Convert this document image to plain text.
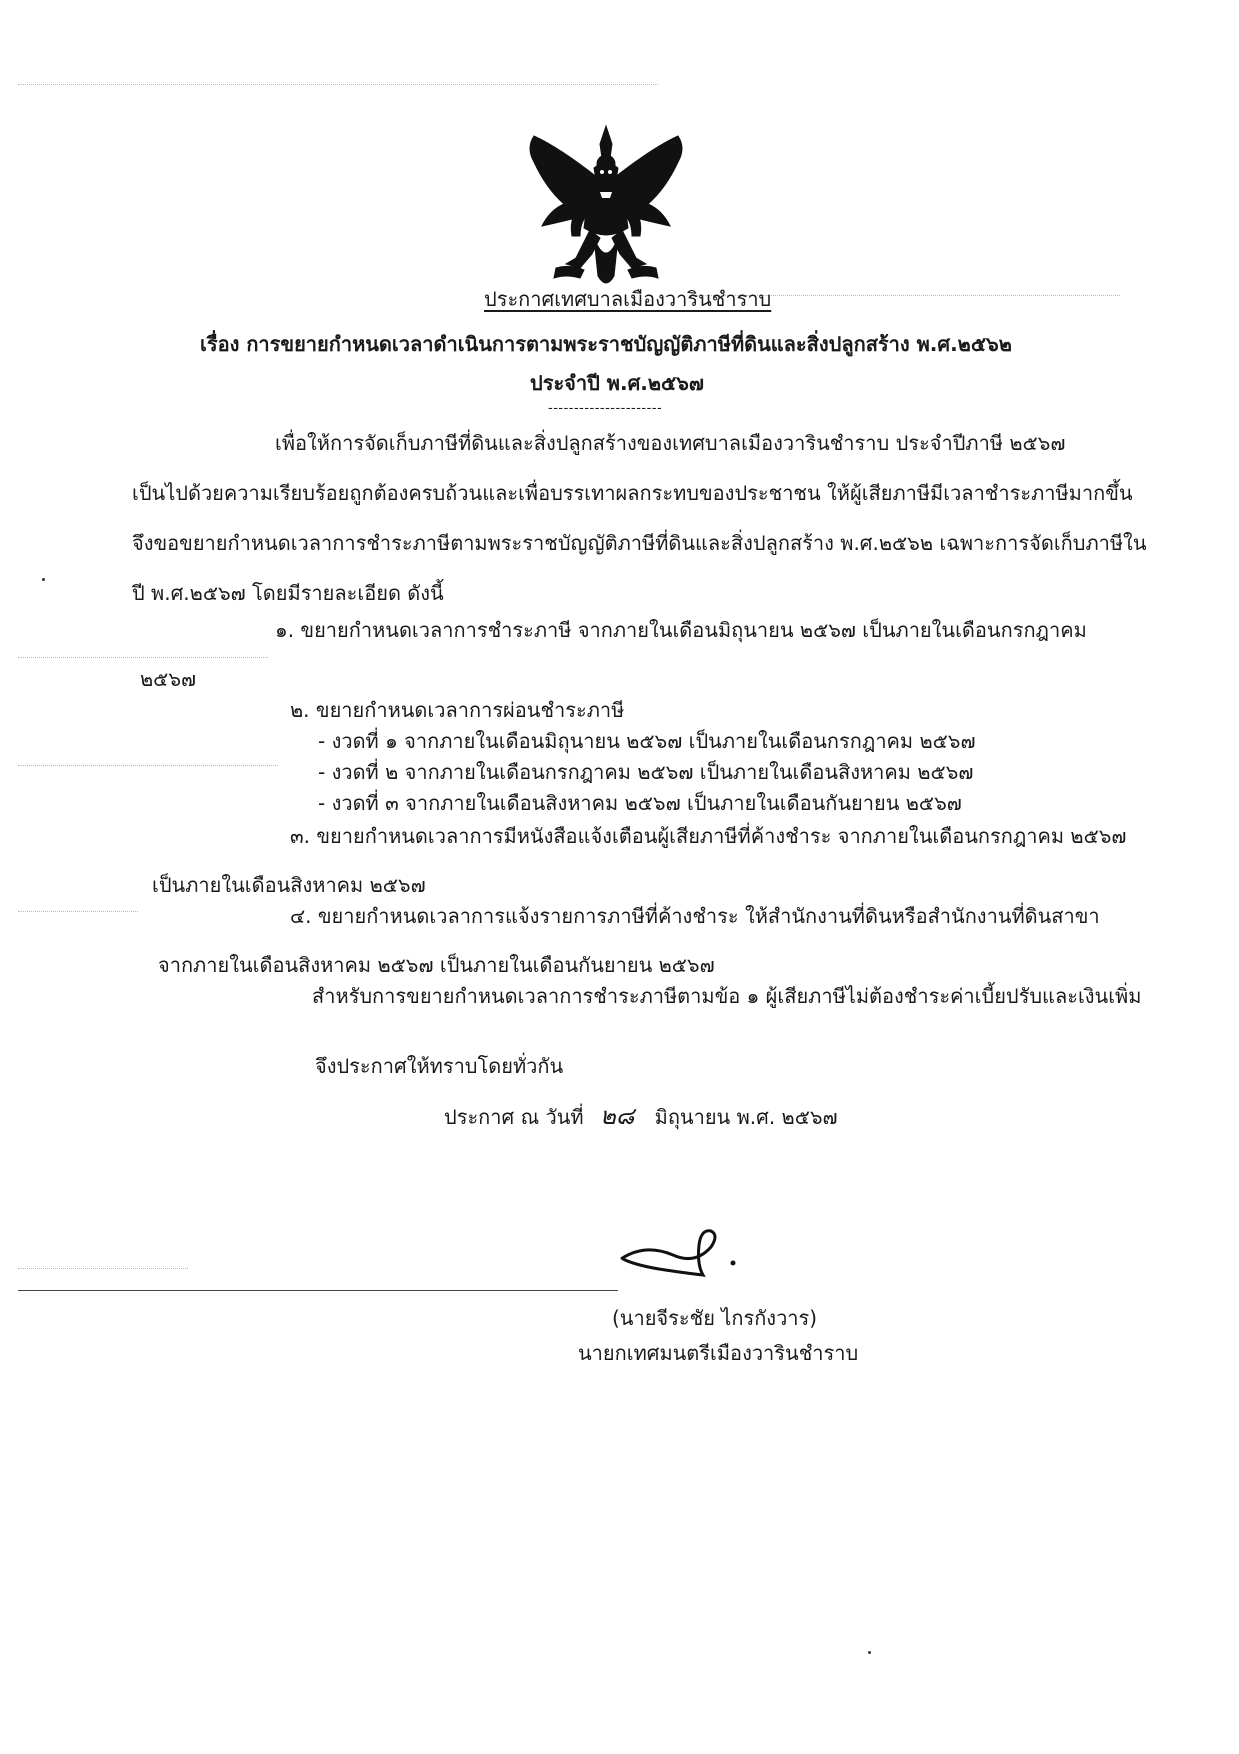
ประกาศเทศบาลเมืองวารินชำราบ
เรื่อง การขยายกำหนดเวลาดำเนินการตามพระราชบัญญัติภาษีที่ดินและสิ่งปลูกสร้าง พ.ศ.๒๕๖๒
ประจำปี พ.ศ.๒๕๖๗
----------------------
เพื่อให้การจัดเก็บภาษีที่ดินและสิ่งปลูกสร้างของเทศบาลเมืองวารินชำราบ ประจำปีภาษี ๒๕๖๗
เป็นไปด้วยความเรียบร้อยถูกต้องครบถ้วนและเพื่อบรรเทาผลกระทบของประชาชน ให้ผู้เสียภาษีมีเวลาชำระภาษีมากขึ้น
จึงขอขยายกำหนดเวลาการชำระภาษีตามพระราชบัญญัติภาษีที่ดินและสิ่งปลูกสร้าง พ.ศ.๒๕๖๒ เฉพาะการจัดเก็บภาษีใน
ปี พ.ศ.๒๕๖๗ โดยมีรายละเอียด ดังนี้
๑. ขยายกำหนดเวลาการชำระภาษี จากภายในเดือนมิถุนายน ๒๕๖๗ เป็นภายในเดือนกรกฎาคม
๒๕๖๗
๒. ขยายกำหนดเวลาการผ่อนชำระภาษี
- งวดที่ ๑ จากภายในเดือนมิถุนายน ๒๕๖๗ เป็นภายในเดือนกรกฎาคม ๒๕๖๗
- งวดที่ ๒ จากภายในเดือนกรกฎาคม ๒๕๖๗ เป็นภายในเดือนสิงหาคม ๒๕๖๗
- งวดที่ ๓ จากภายในเดือนสิงหาคม ๒๕๖๗ เป็นภายในเดือนกันยายน ๒๕๖๗
๓. ขยายกำหนดเวลาการมีหนังสือแจ้งเตือนผู้เสียภาษีที่ค้างชำระ จากภายในเดือนกรกฎาคม ๒๕๖๗
เป็นภายในเดือนสิงหาคม ๒๕๖๗
๔. ขยายกำหนดเวลาการแจ้งรายการภาษีที่ค้างชำระ ให้สำนักงานที่ดินหรือสำนักงานที่ดินสาขา
จากภายในเดือนสิงหาคม ๒๕๖๗ เป็นภายในเดือนกันยายน ๒๕๖๗
สำหรับการขยายกำหนดเวลาการชำระภาษีตามข้อ ๑ ผู้เสียภาษีไม่ต้องชำระค่าเบี้ยปรับและเงินเพิ่ม
จึงประกาศให้ทราบโดยทั่วกัน
ประกาศ ณ วันที่ ๒๘ มิถุนายน พ.ศ. ๒๕๖๗
(นายจีระชัย ไกรกังวาร)
นายกเทศมนตรีเมืองวารินชำราบ
